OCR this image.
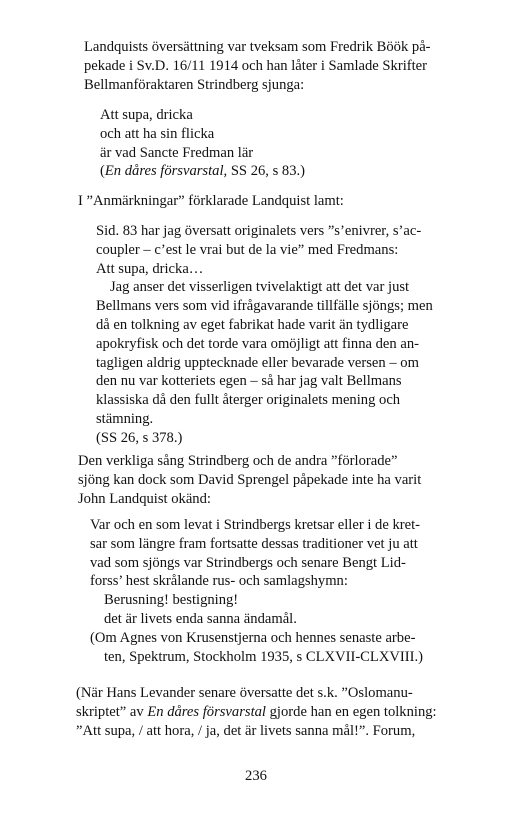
Landquists översättning var tveksam som Fredrik Böök på-
pekade i Sv.D. 16/11 1914 och han låter i Samlade Skrifter
Bellmanföraktaren Strindberg sjunga:
Att supa, dricka
och att ha sin flicka
är vad Sancte Fredman lär
(En dåres försvarstal, SS 26, s 83.)
I ”Anmärkningar” förklarade Landquist lamt:
Sid. 83 har jag översatt originalets vers ”s’enivrer, s’ac-
coupler – c’est le vrai but de la vie” med Fredmans:
Att supa, dricka…
Jag anser det visserligen tvivelaktigt att det var just
Bellmans vers som vid ifrågavarande tillfälle sjöngs; men
då en tolkning av eget fabrikat hade varit än tydligare
apokryfisk och det torde vara omöjligt att finna den an-
tagligen aldrig upptecknade eller bevarade versen – om
den nu var kotteriets egen – så har jag valt Bellmans
klassiska då den fullt återger originalets mening och
stämning.
(SS 26, s 378.)
Den verkliga sång Strindberg och de andra ”förlorade”
sjöng kan dock som David Sprengel påpekade inte ha varit
John Landquist okänd:
Var och en som levat i Strindbergs kretsar eller i de kret-
sar som längre fram fortsatte dessas traditioner vet ju att
vad som sjöngs var Strindbergs och senare Bengt Lid-
forss’ hest skrålande rus- och samlagshymn:
Berusning! bestigning!
det är livets enda sanna ändamål.
(Om Agnes von Krusenstjerna och hennes senaste arbe-
ten, Spektrum, Stockholm 1935, s CLXVII-CLXVIII.)
(När Hans Levander senare översatte det s.k. ”Oslomanu-
skriptet” av En dåres försvarstal gjorde han en egen tolkning:
”Att supa, / att hora, / ja, det är livets sanna mål!”. Forum,
236
